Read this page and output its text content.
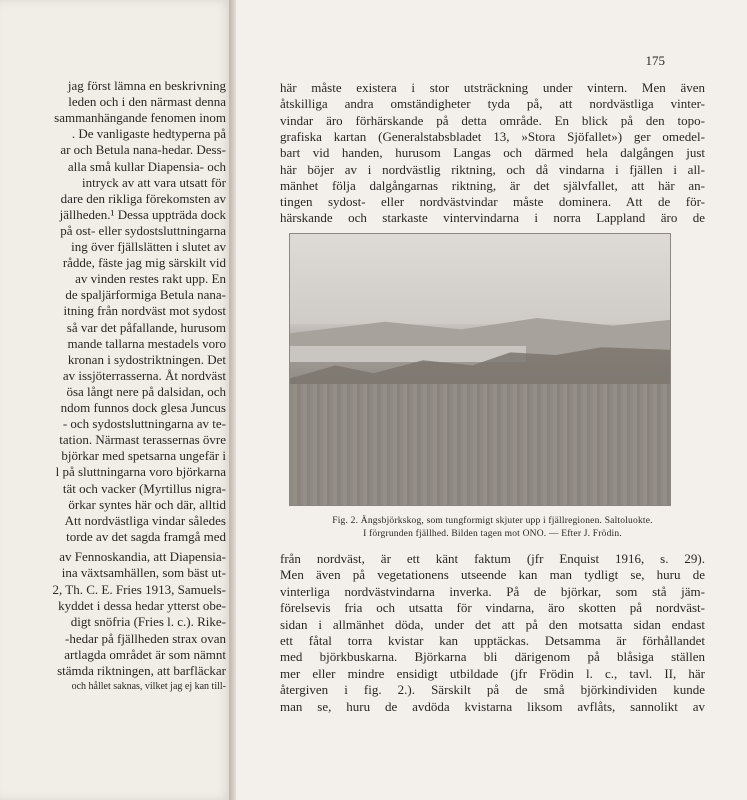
jag först lämna en beskrivning
leden och i den närmast denna
sammanhängande fenomen inom
. De vanligaste hedtyperna på
ar och Betula nana-hedar. Dess-
alla små kullar Diapensia- och
intryck av att vara utsatt för
dare den rikliga förekomsten av
jällheden.¹ Dessa uppträda dock
på ost- eller sydostsluttningarna
ing över fjällslätten i slutet av
rådde, fäste jag mig särskilt vid
av vinden restes rakt upp. En
de spaljärformiga Betula nana-
itning från nordväst mot sydost
så var det påfallande, hurusom
mande tallarna mestadels voro
kronan i sydostriktningen. Det
av issjöterrasserna. Åt nordväst
ösa långt nere på dalsidan, och
ndom funnos dock glesa Juncus
- och sydostsluttningarna av te-
tation. Närmast terassernas övre
björkar med spetsarna ungefär i
l på sluttningarna voro björkarna
tät och vacker (Myrtillus nigra-
örkar syntes här och där, alltid
Att nordvästliga vindar således
torde av det sagda framgå med
av Fennoskandia, att Diapensia-
ina växtsamhällen, som bäst ut-
2, Th. C. E. Fries 1913, Samuels-
kyddet i dessa hedar ytterst obe-
digt snöfria (Fries l. c.). Rike-
-hedar på fjällheden strax ovan
artlagda området är som nämnt
stämda riktningen, att barfläckar
och hållet saknas, vilket jag ej kan till-
175
Fig. 2. Ängsbjörkskog, som tungformigt skjuter upp i fjällregionen. Saltoluokte.
I förgrunden fjällhed. Bilden tagen mot ONO. — Efter J. Frödin.
här måste existera i stor utsträckning under vintern. Men även
åtskilliga andra omständigheter tyda på, att nordvästliga vinter-
vindar äro förhärskande på detta område. En blick på den topo-
grafiska kartan (Generalstabsbladet 13, »Stora Sjöfallet») ger omedel-
bart vid handen, hurusom Langas och därmed hela dalgången just
här böjer av i nordvästlig riktning, och då vindarna i fjällen i all-
mänhet följa dalgångarnas riktning, är det självfallet, att här an-
tingen sydost- eller nordvästvindar måste dominera. Att de för-
härskande och starkaste vintervindarna i norra Lappland äro de
från nordväst, är ett känt faktum (jfr Enquist 1916, s. 29).
Men även på vegetationens utseende kan man tydligt se, huru de
vinterliga nordvästvindarna inverka. På de björkar, som stå jäm-
förelsevis fria och utsatta för vindarna, äro skotten på nordväst-
sidan i allmänhet döda, under det att på den motsatta sidan endast
ett fåtal torra kvistar kan upptäckas. Detsamma är förhållandet
med björkbuskarna. Björkarna bli därigenom på blåsiga ställen
mer eller mindre ensidigt utbildade (jfr Frödin l. c., tavl. II, här
återgiven i fig. 2.). Särskilt på de små björkindividen kunde
man se, huru de avdöda kvistarna liksom avflåts, sannolikt av
